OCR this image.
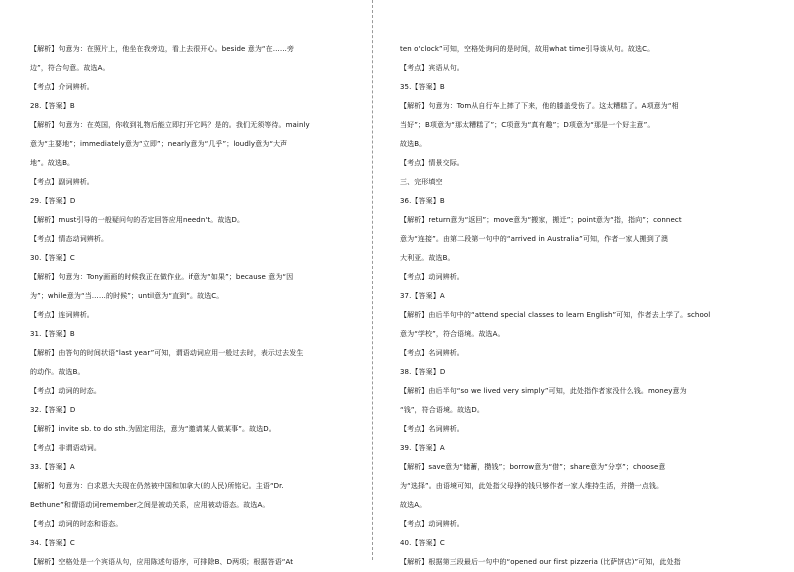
【解析】句意为：在照片上，他坐在我旁边，看上去很开心。beside 意为“在……旁
边”，符合句意。故选A。
【考点】介词辨析。
28.【答案】B
【解析】句意为：在英国，你收到礼物后能立即打开它吗？是的。我们无须等待。mainly
意为“主要地”；immediately意为“立即”；nearly意为“几乎”；loudly意为“大声
地”。故选B。
【考点】副词辨析。
29.【答案】D
【解析】must引导的一般疑问句的否定回答应用needn't。故选D。
【考点】情态动词辨析。
30.【答案】C
【解析】句意为：Tony画画的时候我正在做作业。if意为“如果”；because 意为“因
为”；while意为“当……的时候”；until意为“直到”。故选C。
【考点】连词辨析。
31.【答案】B
【解析】由答句的时间状语“last year”可知，谓语动词应用一般过去时，表示过去发生
的动作。故选B。
【考点】动词的时态。
32.【答案】D
【解析】invite sb. to do sth.为固定用法，意为“邀请某人做某事”。故选D。
【考点】非谓语动词。
33.【答案】A
【解析】句意为：白求恩大夫现在仍然被中国和加拿大(的人民)所铭记。主语“Dr.
Bethune”和谓语动词remember之间是被动关系，应用被动语态。故选A。
【考点】动词的时态和语态。
34.【答案】C
【解析】空格处是一个宾语从句，应用陈述句语序，可排除B、D两项；根据答语“At
ten o'clock”可知，空格处询问的是时间，故用what time引导该从句。故选C。
【考点】宾语从句。
35.【答案】B
【解析】句意为：Tom从自行车上摔了下来，他的膝盖受伤了。这太糟糕了。A项意为“相
当好”；B项意为“那太糟糕了”；C项意为“真有趣”；D项意为“那是一个好主意”。
故选B。
【考点】情景交际。
三、完形填空
36.【答案】B
【解析】return意为“返回”；move意为“搬家，搬迁”；point意为“指，指向”；connect
意为“连接”。由第二段第一句中的“arrived in Australia”可知，作者一家人搬到了澳
大利亚。故选B。
【考点】动词辨析。
37.【答案】A
【解析】由后半句中的“attend special classes to learn English”可知，作者去上学了。school
意为“学校”，符合语境。故选A。
【考点】名词辨析。
38.【答案】D
【解析】由后半句“so we lived very simply”可知，此处指作者家没什么钱。money意为
“钱”，符合语境。故选D。
【考点】名词辨析。
39.【答案】A
【解析】save意为“储蓄，攒钱”；borrow意为“借”；share意为“分享”；choose意
为“选择”。由语境可知，此处指父母挣的钱只够作者一家人维持生活，并攒一点钱。
故选A。
【考点】动词辨析。
40.【答案】C
【解析】根据第三段最后一句中的“opened our first pizzeria (比萨饼店)”可知，此处指
